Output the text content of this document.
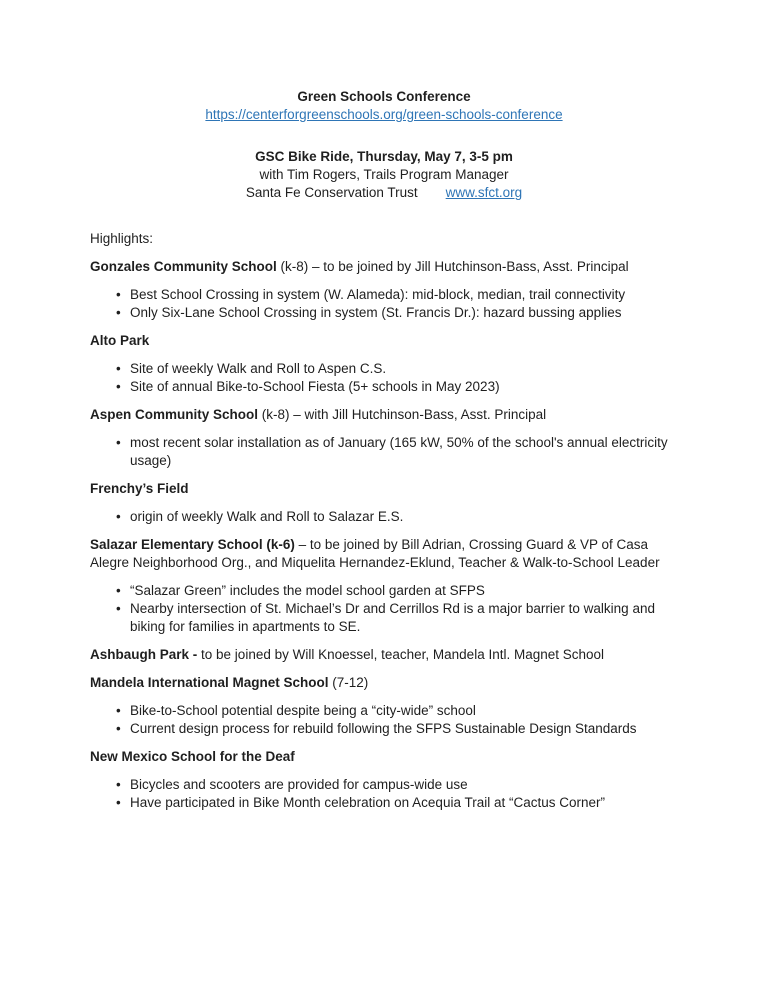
Green Schools Conference

https://centerforgreenschools.org/green-schools-conference

GSC Bike Ride, Thursday, May 7, 3-5 pm
with Tim Rogers, Trails Program Manager
Santa Fe Conservation Trust www.sfct.org

Highlights:

Gonzales Community School (k-8) – to be joined by Jill Hutchinson-Bass, Asst. Principal

• Best School Crossing in system (W. Alameda): mid-block, median, trail connectivity
• Only Six-Lane School Crossing in system (St. Francis Dr.): hazard bussing applies

Alto Park

• Site of weekly Walk and Roll to Aspen C.S.
• Site of annual Bike-to-School Fiesta (5+ schools in May 2023)

Aspen Community School (k-8) – with Jill Hutchinson-Bass, Asst. Principal

• most recent solar installation as of January (165 kW, 50% of the school's annual electricity usage)

Frenchy’s Field

• origin of weekly Walk and Roll to Salazar E.S.

Salazar Elementary School (k-6) – to be joined by Bill Adrian, Crossing Guard & VP of Casa Alegre Neighborhood Org., and Miquelita Hernandez-Eklund, Teacher & Walk-to-School Leader

• “Salazar Green” includes the model school garden at SFPS
• Nearby intersection of St. Michael’s Dr and Cerrillos Rd is a major barrier to walking and biking for families in apartments to SE.

Ashbaugh Park - to be joined by Will Knoessel, teacher, Mandela Intl. Magnet School

Mandela International Magnet School (7-12)

• Bike-to-School potential despite being a “city-wide” school
• Current design process for rebuild following the SFPS Sustainable Design Standards

New Mexico School for the Deaf

• Bicycles and scooters are provided for campus-wide use
• Have participated in Bike Month celebration on Acequia Trail at “Cactus Corner”
